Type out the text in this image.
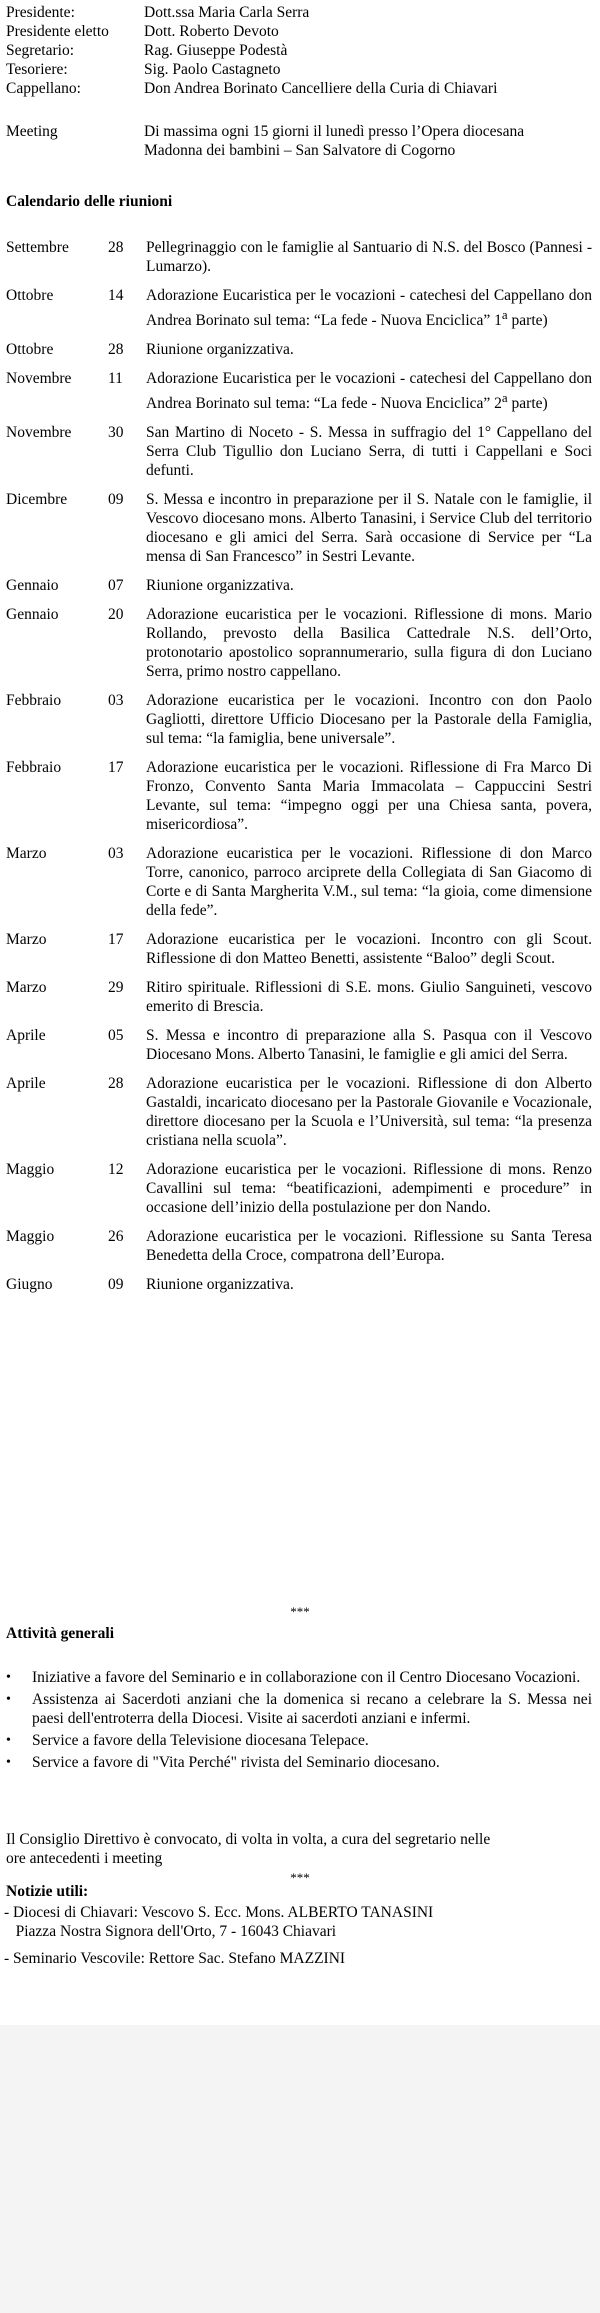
Presidente:	Dott.ssa Maria Carla Serra
Presidente eletto	Dott. Roberto Devoto
Segretario:	Rag. Giuseppe Podestà
Tesoriere:	Sig. Paolo Castagneto
Cappellano:	Don Andrea Borinato Cancelliere della Curia di Chiavari
Meeting	Di massima ogni 15 giorni il lunedì presso l’Opera diocesana
Madonna dei bambini – San Salvatore di Cogorno
Calendario delle riunioni
Settembre	28	Pellegrinaggio con le famiglie al Santuario di N.S. del Bosco (Pannesi - Lumarzo).
Ottobre	14	Adorazione Eucaristica per le vocazioni - catechesi del Cappellano don Andrea Borinato sul tema: “La fede - Nuova Enciclica” 1$^a$ parte)
Ottobre	28	Riunione organizzativa.
Novembre	11	Adorazione Eucaristica per le vocazioni - catechesi del Cappellano don Andrea Borinato sul tema: “La fede - Nuova Enciclica” 2$^a$ parte)
Novembre	30	San Martino di Noceto - S. Messa in suffragio del 1° Cappellano del Serra Club Tigullio don Luciano Serra, di tutti i Cappellani e Soci defunti.
Dicembre	09	S. Messa e incontro in preparazione per il S. Natale con le famiglie, il Vescovo diocesano mons. Alberto Tanasini, i Service Club del territorio diocesano e gli amici del Serra. Sarà occasione di Service per “La mensa di San Francesco” in Sestri Levante.
Gennaio	07	Riunione organizzativa.
Gennaio	20	Adorazione eucaristica per le vocazioni. Riflessione di mons. Mario Rollando, prevosto della Basilica Cattedrale N.S. dell’Orto, protonotario apostolico soprannumerario, sulla figura di don Luciano Serra, primo nostro cappellano.
Febbraio	03	Adorazione eucaristica per le vocazioni. Incontro con don Paolo Gagliotti, direttore Ufficio Diocesano per la Pastorale della Famiglia, sul tema: “la famiglia, bene universale”.
Febbraio	17	Adorazione eucaristica per le vocazioni. Riflessione di Fra Marco Di Fronzo, Convento Santa Maria Immacolata – Cappuccini Sestri Levante, sul tema: “impegno oggi per una Chiesa santa, povera, misericordiosa”.
Marzo	03	Adorazione eucaristica per le vocazioni. Riflessione di don Marco Torre, canonico, parroco arciprete della Collegiata di San Giacomo di Corte e di Santa Margherita V.M., sul tema: “la gioia, come dimensione della fede”.
Marzo	17	Adorazione eucaristica per le vocazioni. Incontro con gli Scout. Riflessione di don Matteo Benetti, assistente “Baloo” degli Scout.
Marzo	29	Ritiro spirituale. Riflessioni di S.E. mons. Giulio Sanguineti, vescovo emerito di Brescia.
Aprile	05	S. Messa e incontro di preparazione alla S. Pasqua con il Vescovo Diocesano Mons. Alberto Tanasini, le famiglie e gli amici del Serra.
Aprile	28	Adorazione eucaristica per le vocazioni. Riflessione di don Alberto Gastaldi, incaricato diocesano per la Pastorale Giovanile e Vocazionale, direttore diocesano per la Scuola e l’Università, sul tema: “la presenza cristiana nella scuola”.
Maggio	12	Adorazione eucaristica per le vocazioni. Riflessione di mons. Renzo Cavallini sul tema: “beatificazioni, adempimenti e procedure” in occasione dell’inizio della postulazione per don Nando.
Maggio	26	Adorazione eucaristica per le vocazioni. Riflessione su Santa Teresa Benedetta della Croce, compatrona dell’Europa.
Giugno	09	Riunione organizzativa.
***
Attività generali
•	Iniziative a favore del Seminario e in collaborazione con il Centro Diocesano Vocazioni.
•	Assistenza ai Sacerdoti anziani che la domenica si recano a celebrare la S. Messa nei paesi dell'entroterra della Diocesi. Visite ai sacerdoti anziani e infermi.
•	Service a favore della Televisione diocesana Telepace.
•	Service a favore di "Vita Perché" rivista del Seminario diocesano.
Il Consiglio Direttivo è convocato, di volta in volta, a cura del segretario nelle
ore antecedenti i meeting
***
Notizie utili:
- Diocesi di Chiavari: Vescovo S. Ecc. Mons. ALBERTO TANASINI
Piazza Nostra Signora dell'Orto, 7 - 16043 Chiavari
- Seminario Vescovile: Rettore Sac. Stefano MAZZINI
